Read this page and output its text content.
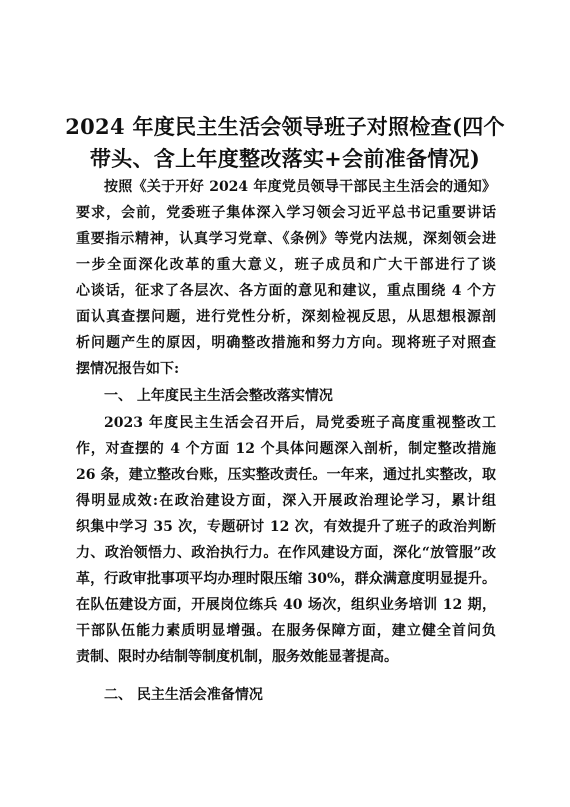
2024 年度民主生活会领导班子对照检查(四个
带头、含上年度整改落实+会前准备情况)
按照《关于开好 2024 年度党员领导干部民主生活会的通知》
要求，会前，党委班子集体深入学习领会习近平总书记重要讲话
重要指示精神，认真学习党章、《条例》等党内法规，深刻领会进
一步全面深化改革的重大意义，班子成员和广大干部进行了谈
心谈话，征求了各层次、各方面的意见和建议，重点围绕 4 个方
面认真查摆问题，进行党性分析，深刻检视反思，从思想根源剖
析问题产生的原因，明确整改措施和努力方向。现将班子对照查
摆情况报告如下:
一、 上年度民主生活会整改落实情况
2023 年度民主生活会召开后，局党委班子高度重视整改工
作，对查摆的 4 个方面 12 个具体问题深入剖析，制定整改措施
26 条，建立整改台账，压实整改责任。一年来，通过扎实整改，取
得明显成效:在政治建设方面，深入开展政治理论学习，累计组
织集中学习 35 次，专题研讨 12 次，有效提升了班子的政治判断
力、政治领悟力、政治执行力。在作风建设方面，深化“放管服”改
革，行政审批事项平均办理时限压缩 30%，群众满意度明显提升。
在队伍建设方面，开展岗位练兵 40 场次，组织业务培训 12 期，
干部队伍能力素质明显增强。在服务保障方面，建立健全首问负
责制、限时办结制等制度机制，服务效能显著提高。
二、 民主生活会准备情况
